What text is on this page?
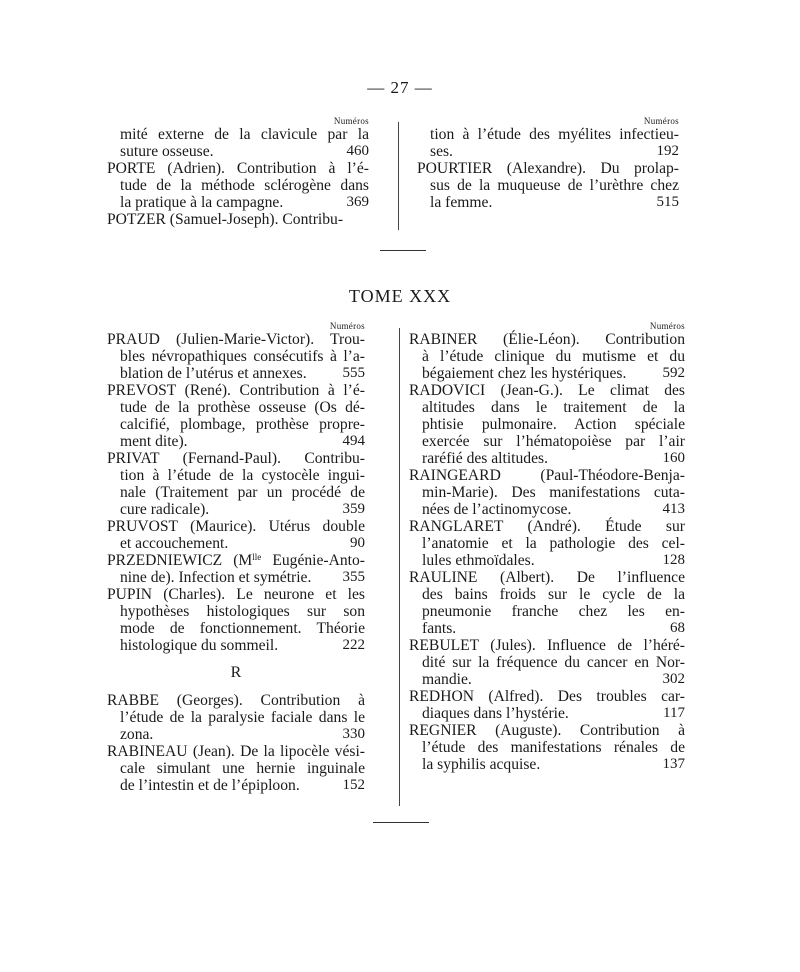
— 27 —
Numéros
mité externe de la clavicule par la
suture osseuse.	460
PORTE (Adrien). Contribution à l’é-
tude de la méthode sclérogène dans
la pratique à la campagne.	369
POTZER (Samuel-Joseph). Contribu-
Numéros
tion à l’étude des myélites infectieu-
ses.	192
POURTIER (Alexandre). Du prolap-
sus de la muqueuse de l’urèthre chez
la femme.	515
TOME XXX
Numéros
PRAUD (Julien-Marie-Victor). Trou-
bles névropathiques consécutifs à l’a-
blation de l’utérus et annexes.	555
PREVOST (René). Contribution à l’é-
tude de la prothèse osseuse (Os dé-
calcifié, plombage, prothèse propre-
ment dite).	494
PRIVAT (Fernand-Paul). Contribu-
tion à l’étude de la cystocèle ingui-
nale (Traitement par un procédé de
cure radicale).	359
PRUVOST (Maurice). Utérus double
et accouchement.	90
PRZEDNIEWICZ ($M^{lle}$ Eugénie-Anto-
nine de). Infection et symétrie.	355
PUPIN (Charles). Le neurone et les
hypothèses histologiques sur son
mode de fonctionnement. Théorie
histologique du sommeil.	222
R
RABBE (Georges). Contribution à
l’étude de la paralysie faciale dans le
zona.	330
RABINEAU (Jean). De la lipocèle vési-
cale simulant une hernie inguinale
de l’intestin et de l’épiploon.	152
Numéros
RABINER (Élie-Léon). Contribution
à l’étude clinique du mutisme et du
bégaiement chez les hystériques.	592
RADOVICI (Jean-G.). Le climat des
altitudes dans le traitement de la
phtisie pulmonaire. Action spéciale
exercée sur l’hématopoièse par l’air
raréfié des altitudes.	160
RAINGEARD (Paul-Théodore-Benja-
min-Marie). Des manifestations cuta-
nées de l’actinomycose.	413
RANGLARET (André). Étude sur
l’anatomie et la pathologie des cel-
lules ethmoïdales.	128
RAULINE (Albert). De l’influence
des bains froids sur le cycle de la
pneumonie franche chez les en-
fants.	68
REBULET (Jules). Influence de l’héré-
dité sur la fréquence du cancer en Nor-
mandie.	302
REDHON (Alfred). Des troubles car-
diaques dans l’hystérie.	117
REGNIER (Auguste). Contribution à
l’étude des manifestations rénales de
la syphilis acquise.	137
